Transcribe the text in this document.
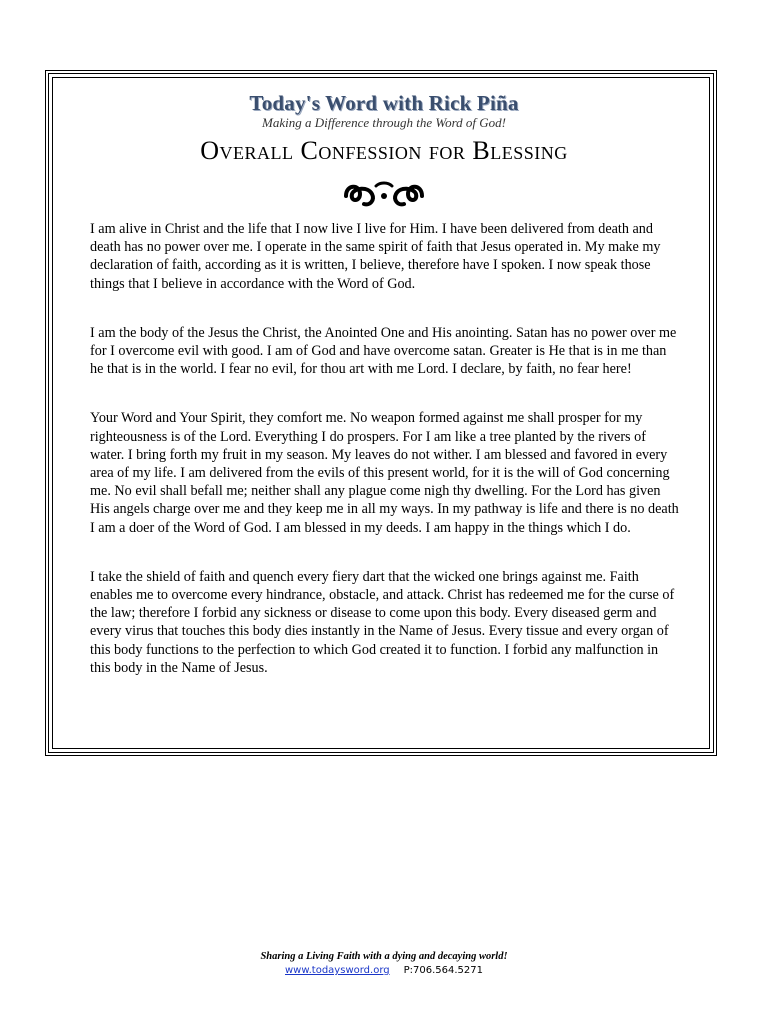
Today's Word with Rick Piña
Making a Difference through the Word of God!
Overall Confession for Blessing

I am alive in Christ and the life that I now live I live for Him. I have been delivered from death and death has no power over me. I operate in the same spirit of faith that Jesus operated in. My make my declaration of faith, according as it is written, I believe, therefore have I spoken. I now speak those things that I believe in accordance with the Word of God.

I am the body of the Jesus the Christ, the Anointed One and His anointing. Satan has no power over me for I overcome evil with good. I am of God and have overcome satan. Greater is He that is in me than he that is in the world. I fear no evil, for thou art with me Lord. I declare, by faith, no fear here!

Your Word and Your Spirit, they comfort me. No weapon formed against me shall prosper for my righteousness is of the Lord. Everything I do prospers. For I am like a tree planted by the rivers of water. I bring forth my fruit in my season. My leaves do not wither. I am blessed and favored in every area of my life. I am delivered from the evils of this present world, for it is the will of God concerning me. No evil shall befall me; neither shall any plague come nigh thy dwelling. For the Lord has given His angels charge over me and they keep me in all my ways. In my pathway is life and there is no death I am a doer of the Word of God. I am blessed in my deeds. I am happy in the things which I do.

I take the shield of faith and quench every fiery dart that the wicked one brings against me. Faith enables me to overcome every hindrance, obstacle, and attack. Christ has redeemed me for the curse of the law; therefore I forbid any sickness or disease to come upon this body. Every diseased germ and every virus that touches this body dies instantly in the Name of Jesus. Every tissue and every organ of this body functions to the perfection to which God created it to function. I forbid any malfunction in this body in the Name of Jesus.

Sharing a Living Faith with a dying and decaying world!
www.todaysword.org P:706.564.5271
